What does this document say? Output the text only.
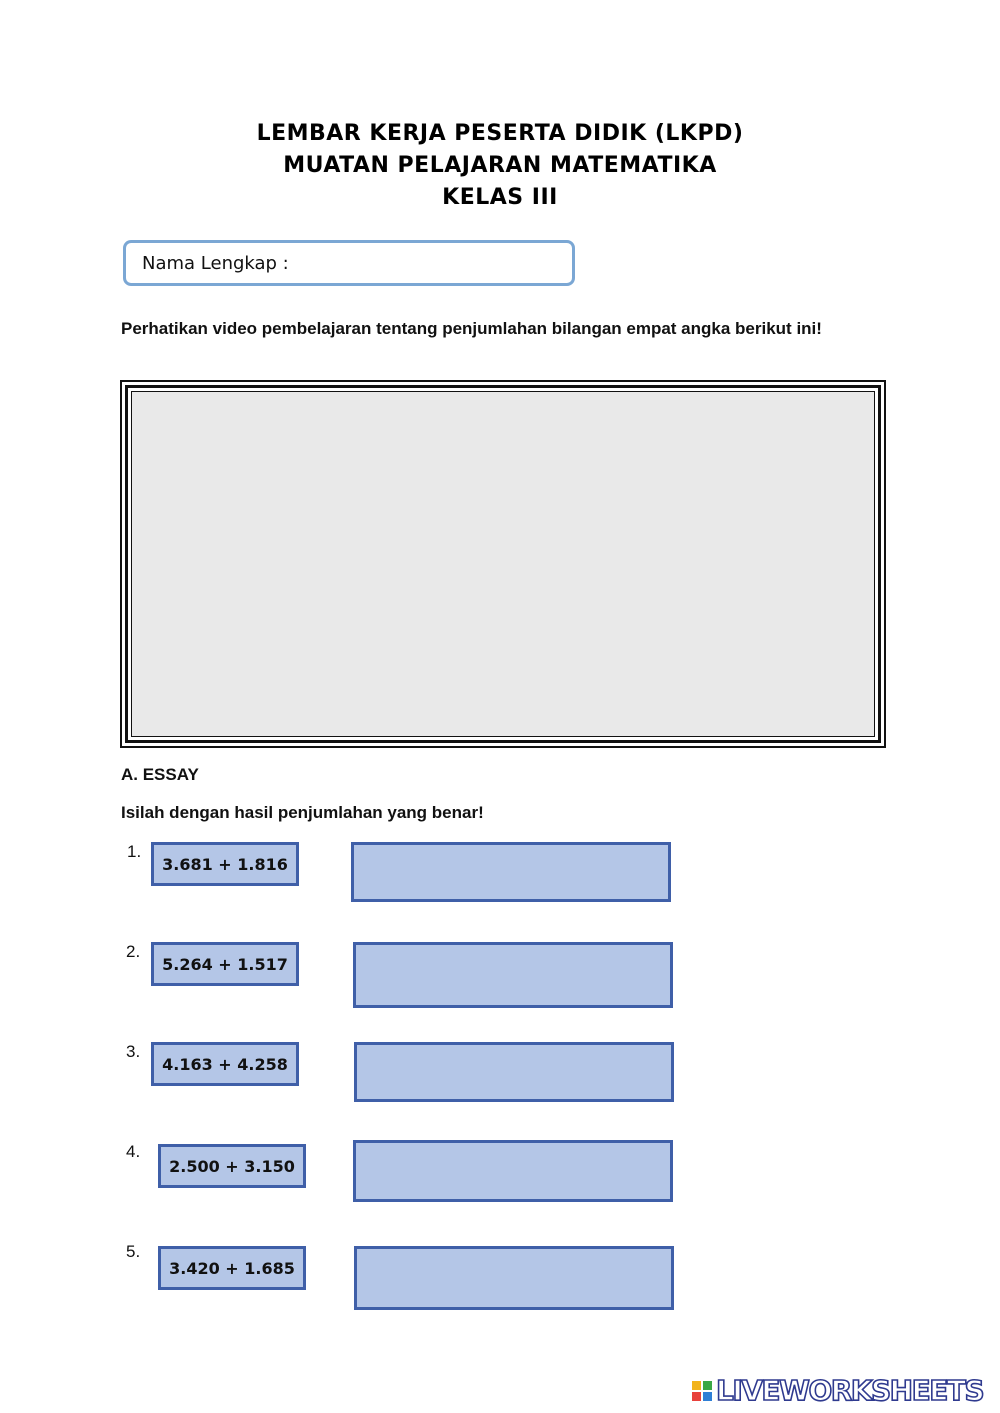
LEMBAR KERJA PESERTA DIDIK (LKPD)
MUATAN PELAJARAN MATEMATIKA
KELAS III
Nama Lengkap :
Perhatikan video pembelajaran tentang penjumlahan bilangan empat angka berikut ini!
A. ESSAY
Isilah dengan hasil penjumlahan yang benar!
1.
3.681 + 1.816
2.
5.264 + 1.517
3.
4.163 + 4.258
4.
2.500 + 3.150
5.
3.420 + 1.685
LIVEWORKSHEETS
